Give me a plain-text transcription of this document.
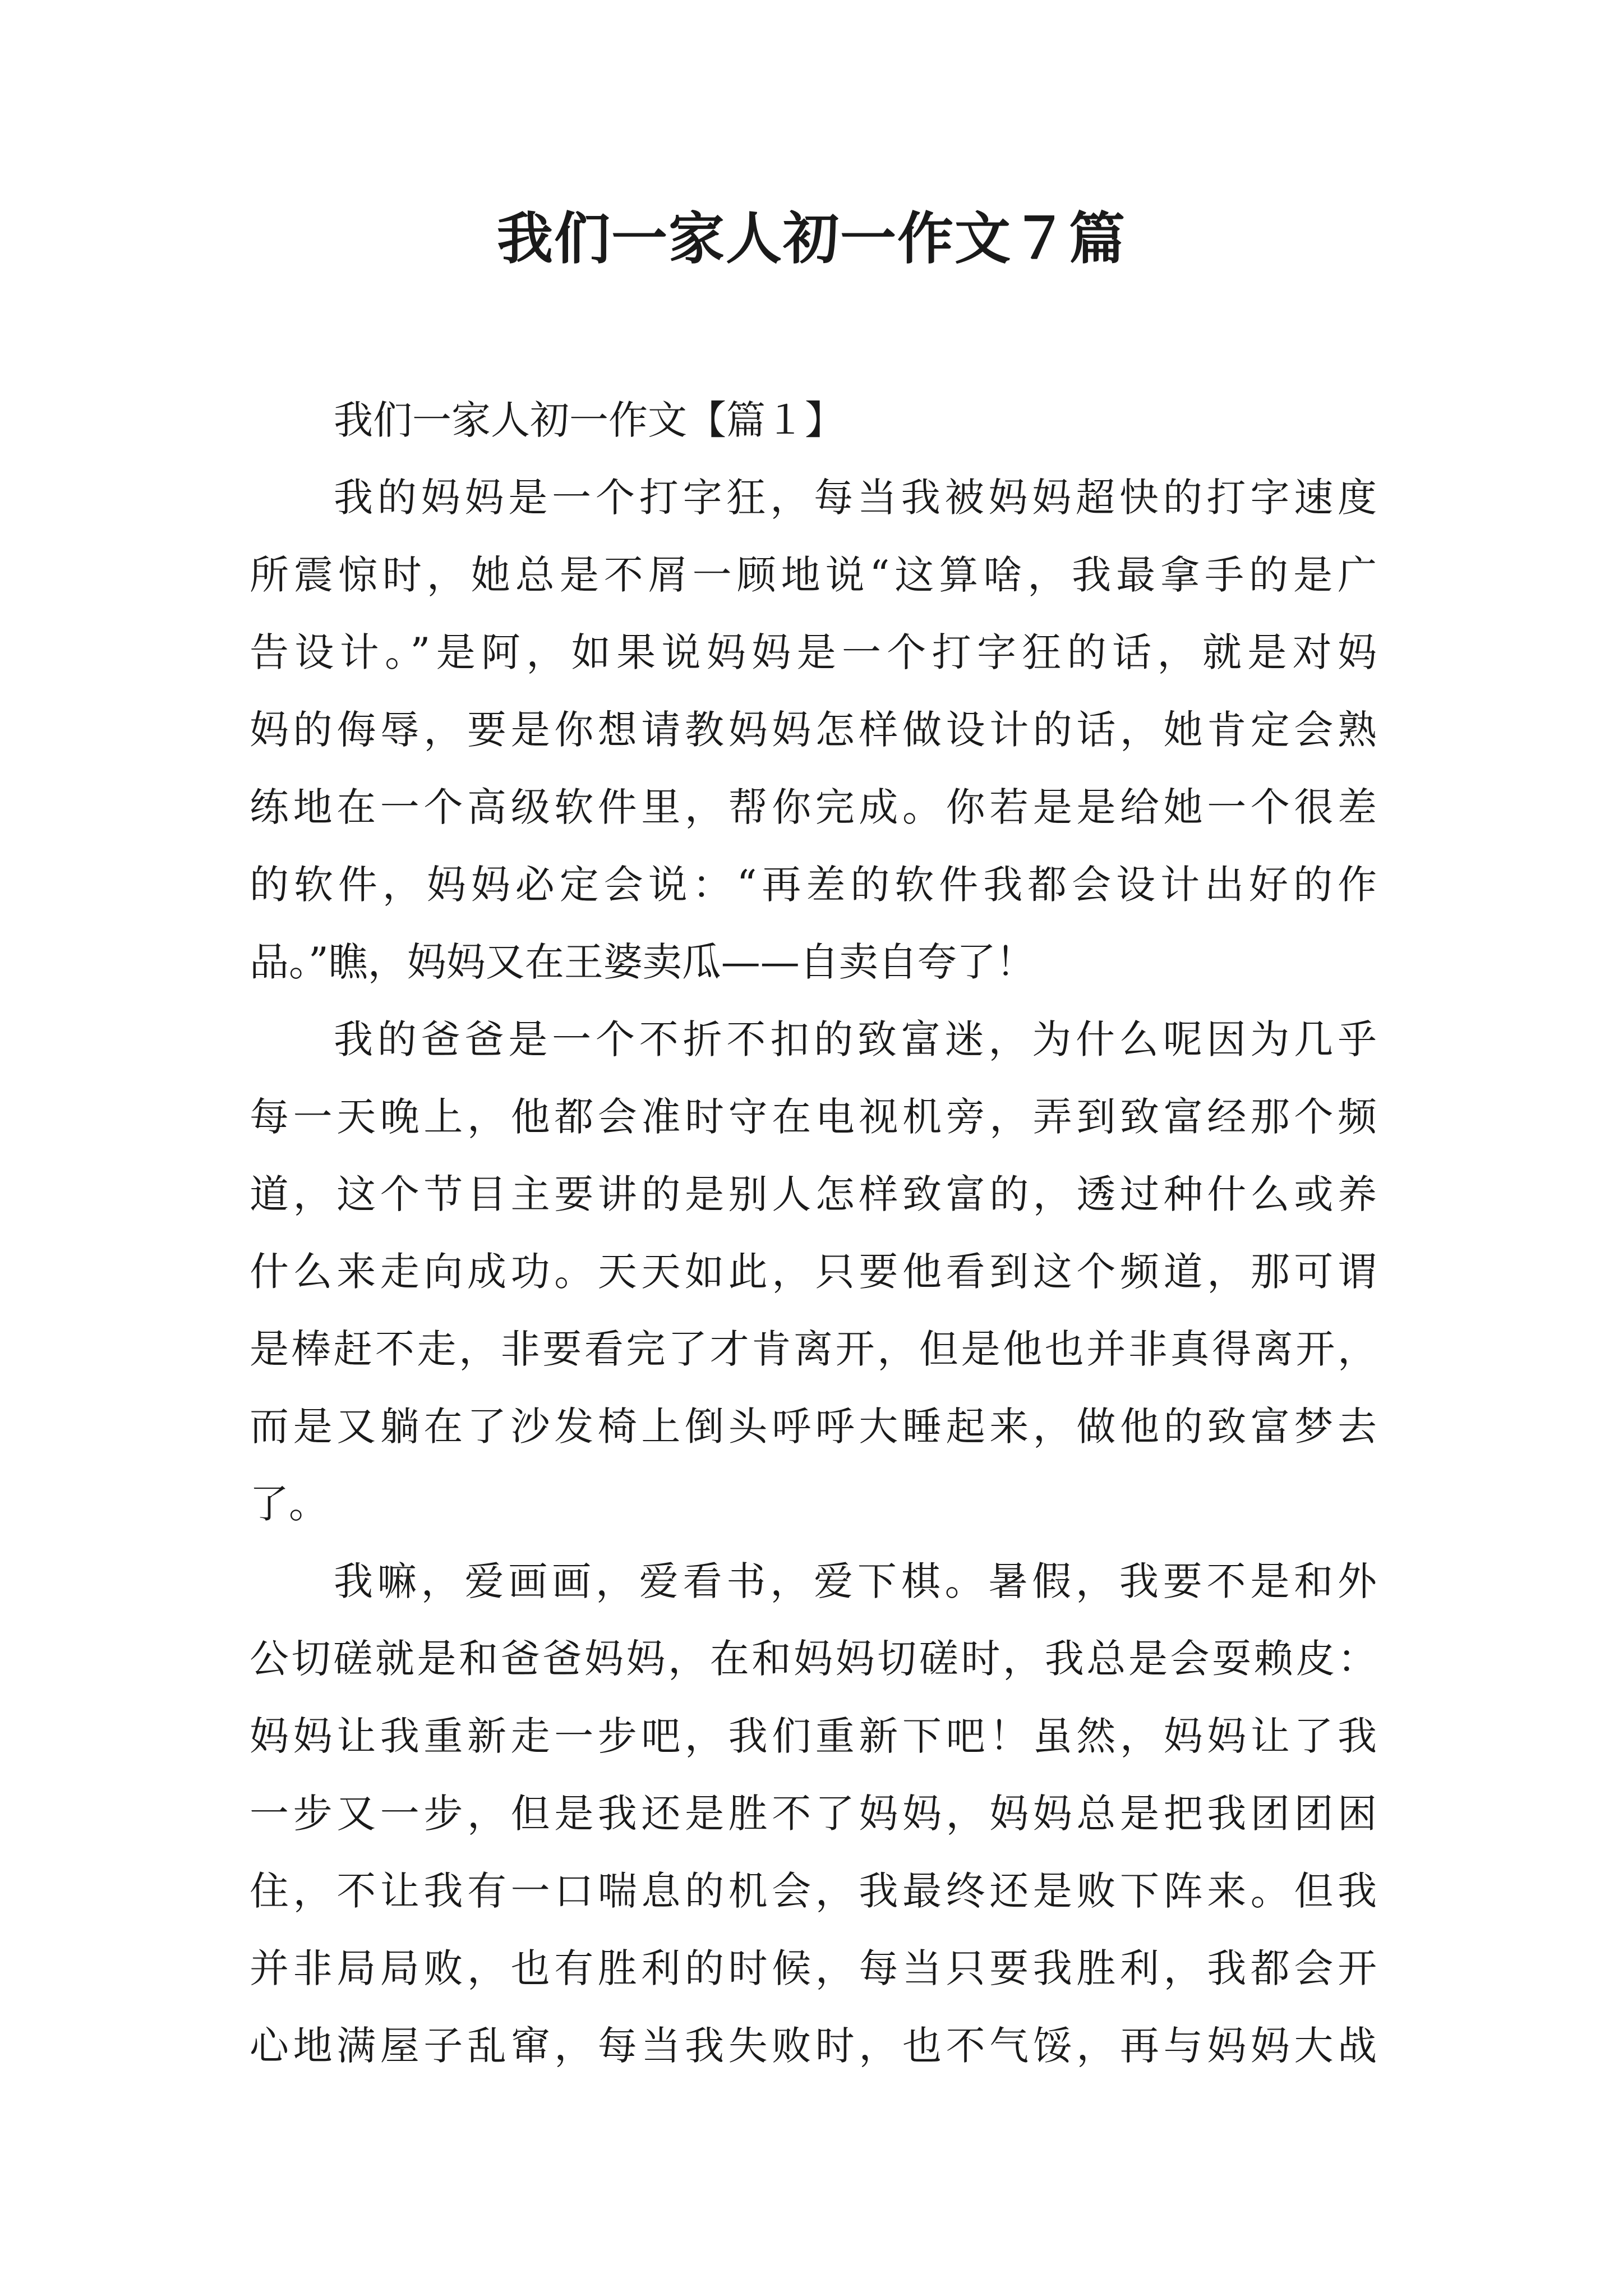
我们一家人初一作文７篇

我们一家人初一作文【篇１】

我的妈妈是一个打字狂，每当我被妈妈超快的打字速度

所震惊时，她总是不屑一顾地说“这算啥，我最拿手的是广

告设计。”是阿，如果说妈妈是一个打字狂的话，就是对妈

妈的侮辱，要是你想请教妈妈怎样做设计的话，她肯定会熟

练地在一个高级软件里，帮你完成。你若是是给她一个很差

的软件，妈妈必定会说：“再差的软件我都会设计出好的作

品。”瞧，妈妈又在王婆卖瓜——自卖自夸了！

我的爸爸是一个不折不扣的致富迷，为什么呢因为几乎

每一天晚上，他都会准时守在电视机旁，弄到致富经那个频

道，这个节目主要讲的是别人怎样致富的，透过种什么或养

什么来走向成功。天天如此，只要他看到这个频道，那可谓

是棒赶不走，非要看完了才肯离开，但是他也并非真得离开，

而是又躺在了沙发椅上倒头呼呼大睡起来，做他的致富梦去

了。

我嘛，爱画画，爱看书，爱下棋。暑假，我要不是和外

公切磋就是和爸爸妈妈，在和妈妈切磋时，我总是会耍赖皮：

妈妈让我重新走一步吧，我们重新下吧！虽然，妈妈让了我

一步又一步，但是我还是胜不了妈妈，妈妈总是把我团团困

住，不让我有一口喘息的机会，我最终还是败下阵来。但我

并非局局败，也有胜利的时候，每当只要我胜利，我都会开

心地满屋子乱窜，每当我失败时，也不气馁，再与妈妈大战
